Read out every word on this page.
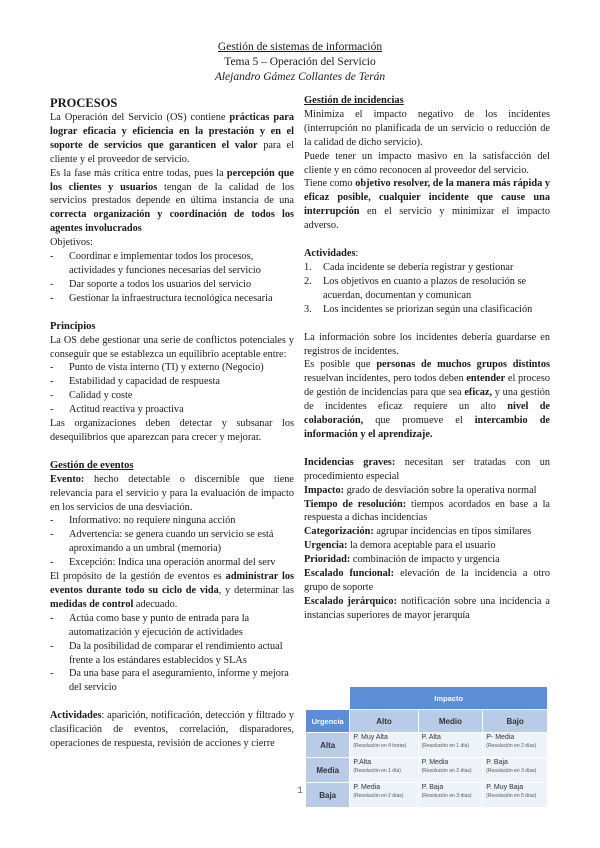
Gestión de sistemas de información
Tema 5 – Operación del Servicio
Alejandro Gámez Collantes de Terán
PROCESOS

La Operación del Servicio (OS) contiene prácticas para lograr eficacia y eficiencia en la prestación y en el soporte de servicios que garanticen el valor para el cliente y el proveedor de servicio.

Es la fase más crítica entre todas, pues la percepción que los clientes y usuarios tengan de la calidad de los servicios prestados depende en última instancia de una correcta organización y coordinación de todos los agentes involucrados

Objetivos:

- Coordinar e implementar todos los procesos, actividades y funciones necesarias del servicio
- Dar soporte a todos los usuarios del servicio
- Gestionar la infraestructura tecnológica necesaria

Principios

La OS debe gestionar una serie de conflictos potenciales y conseguir que se establezca un equilibrio aceptable entre:

- Punto de vista interno (TI) y externo (Negocio)
- Estabilidad y capacidad de respuesta
- Calidad y coste
- Actitud reactiva y proactiva

Las organizaciones deben detectar y subsanar los desequilibrios que aparezcan para crecer y mejorar.

Gestión de eventos

Evento: hecho detectable o discernible que tiene relevancia para el servicio y para la evaluación de impacto en los servicios de una desviación.

- Informativo: no requiere ninguna acción
- Advertencia: se genera cuando un servicio se está aproximando a un umbral (memoria)
- Excepción: Indica una operación anormal del serv

El propósito de la gestión de eventos es administrar los eventos durante todo su ciclo de vida, y determinar las medidas de control adecuado.

- Actúa como base y punto de entrada para la automatización y ejecución de actividades
- Da la posibilidad de comparar el rendimiento actual frente a los estándares establecidos y SLAs
- Da una base para el aseguramiento, informe y mejora del servicio

Actividades: aparición, notificación, detección y filtrado y clasificación de eventos, correlación, disparadores, operaciones de respuesta, revisión de acciones y cierre

Gestión de incidencias

Minimiza el impacto negativo de los incidentes (interrupción no planificada de un servicio o reducción de la calidad de dicho servicio).

Puede tener un impacto masivo en la satisfacción del cliente y en cómo reconocen al proveedor del servicio.

Tiene como objetivo resolver, de la manera más rápida y eficaz posible, cualquier incidente que cause una interrupción en el servicio y minimizar el impacto adverso.

Actividades:

1. Cada incidente se debería registrar y gestionar
2. Los objetivos en cuanto a plazos de resolución se acuerdan, documentan y comunican
3. Los incidentes se priorizan según una clasificación

La información sobre los incidentes debería guardarse en registros de incidentes.

Es posible que personas de muchos grupos distintos resuelvan incidentes, pero todos deben entender el proceso de gestión de incidencias para que sea eficaz, y una gestión de incidentes eficaz requiere un alto nivel de colaboración, que promueve el intercambio de información y el aprendizaje.

Incidencias graves: necesitan ser tratadas con un procedimiento especial

Impacto: grado de desviación sobre la operativa normal

Tiempo de resolución: tiempos acordados en base a la respuesta a dichas incidencias

Categorización: agrupar incidencias en tipos similares

Urgencia: la demora aceptable para el usuario

Prioridad: combinación de impacto y urgencia

Escalado funcional: elevación de la incidencia a otro grupo de soporte

Escalado jerárquico: notificación sobre una incidencia a instancias superiores de mayor jerarquía

	Impacto		
Urgencia	Alto	Medio	Bajo
Alta	P. Muy Alta
(Resolución en 4 horas)	P. Alta
(Resolución en 1 día)	P- Media
(Resolución en 2 días)

Media	P.Alta
(Resolución en 1 día)	P. Media
(Resolución en 2 días)	P. Baja
(Resolución en 3 días)

Baja	P. Media
(Resolución en 2 días)	P. Baja
(Resolución en 3 días)	P. Muy Baja
(Resolución en 5 días)
1
